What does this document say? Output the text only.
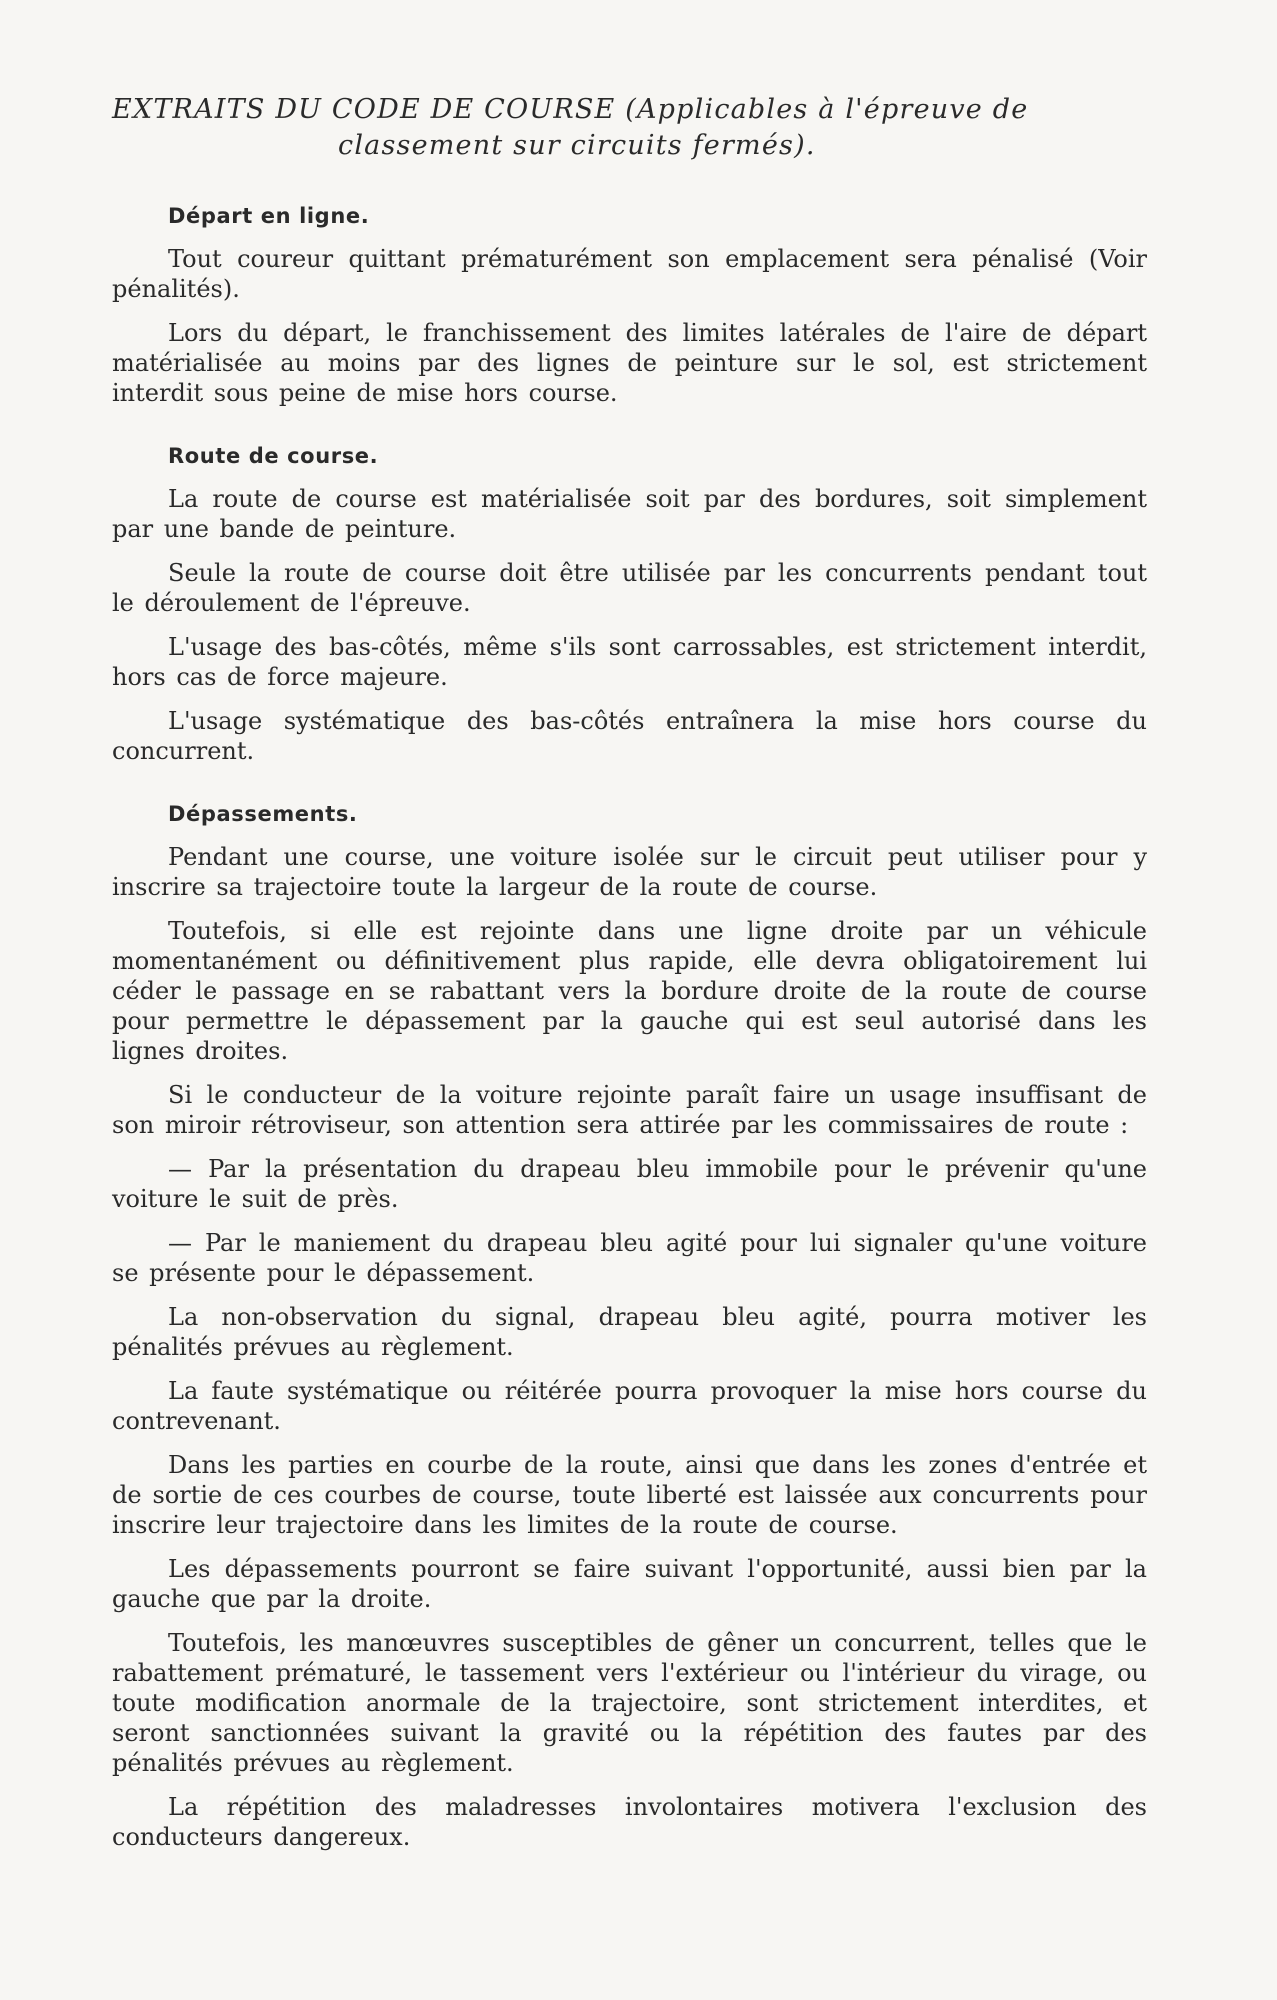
EXTRAITS DU CODE DE COURSE (Applicables à l'épreuve de classement sur circuits fermés).
Départ en ligne.

Tout coureur quittant prématurément son emplacement sera pénalisé (Voir pénalités).

Lors du départ, le franchissement des limites latérales de l'aire de départ matérialisée au moins par des lignes de peinture sur le sol, est strictement interdit sous peine de mise hors course.

Route de course.

La route de course est matérialisée soit par des bordures, soit simplement par une bande de peinture.

Seule la route de course doit être utilisée par les concurrents pendant tout le déroulement de l'épreuve.

L'usage des bas-côtés, même s'ils sont carrossables, est strictement interdit, hors cas de force majeure.

L'usage systématique des bas-côtés entraînera la mise hors course du concurrent.

Dépassements.

Pendant une course, une voiture isolée sur le circuit peut utiliser pour y inscrire sa trajectoire toute la largeur de la route de course.

Toutefois, si elle est rejointe dans une ligne droite par un véhicule momentanément ou définitivement plus rapide, elle devra obligatoirement lui céder le passage en se rabattant vers la bordure droite de la route de course pour permettre le dépassement par la gauche qui est seul autorisé dans les lignes droites.

Si le conducteur de la voiture rejointe paraît faire un usage insuffisant de son miroir rétroviseur, son attention sera attirée par les commissaires de route :

— Par la présentation du drapeau bleu immobile pour le prévenir qu'une voiture le suit de près.

— Par le maniement du drapeau bleu agité pour lui signaler qu'une voiture se présente pour le dépassement.

La non-observation du signal, drapeau bleu agité, pourra motiver les pénalités prévues au règlement.

La faute systématique ou réitérée pourra provoquer la mise hors course du contrevenant.

Dans les parties en courbe de la route, ainsi que dans les zones d'entrée et de sortie de ces courbes de course, toute liberté est laissée aux concurrents pour inscrire leur trajectoire dans les limites de la route de course.

Les dépassements pourront se faire suivant l'opportunité, aussi bien par la gauche que par la droite.

Toutefois, les manœuvres susceptibles de gêner un concurrent, telles que le rabattement prématuré, le tassement vers l'extérieur ou l'intérieur du virage, ou toute modification anormale de la trajectoire, sont strictement interdites, et seront sanctionnées suivant la gravité ou la répétition des fautes par des pénalités prévues au règlement.

La répétition des maladresses involontaires motivera l'exclusion des conducteurs dangereux.
